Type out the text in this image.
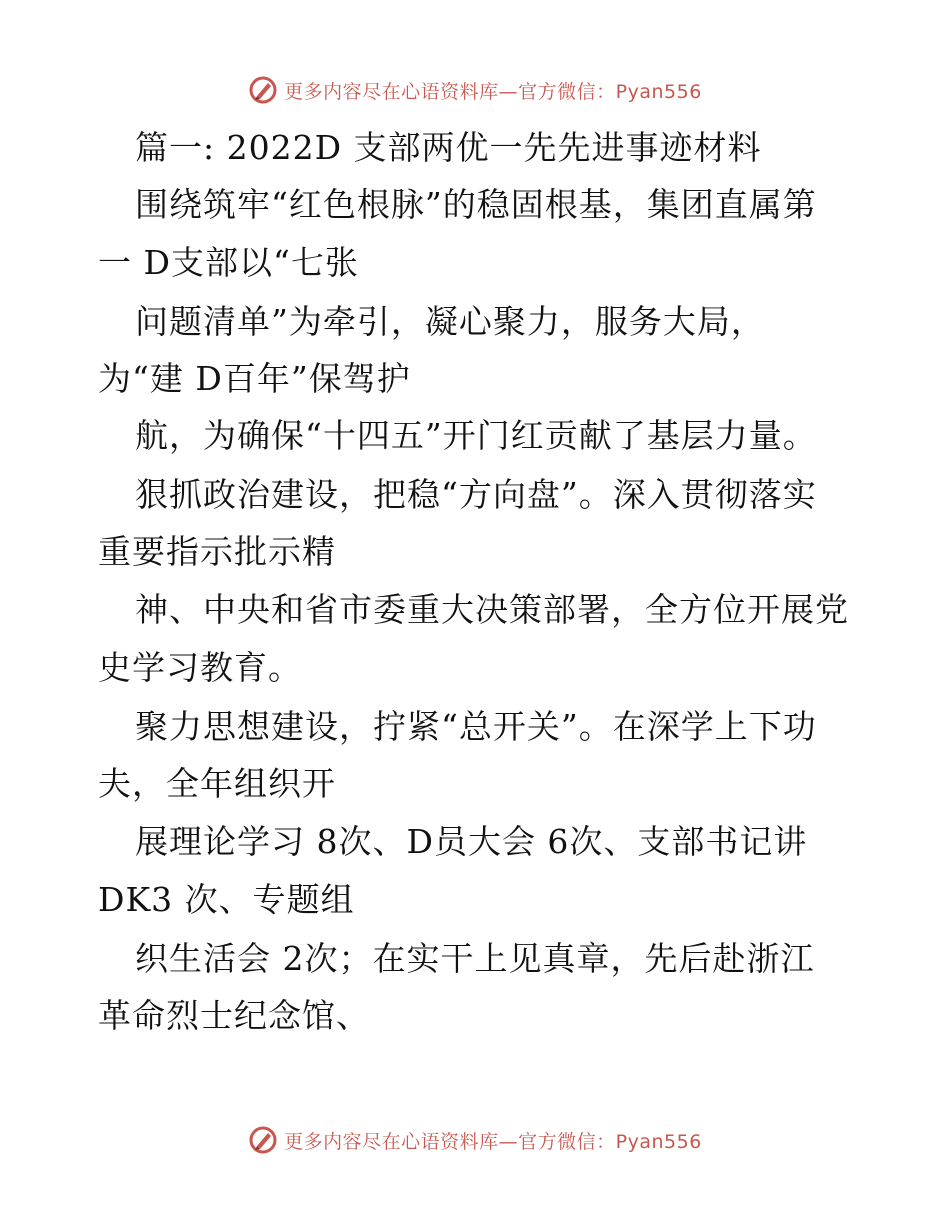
更多内容尽在心语资料库—官方微信：Pyan556
篇一: 2022D 支部两优一先先进事迹材料
围绕筑牢“红色根脉”的稳固根基，集团直属第
一 D支部以“七张
问题清单”为牵引，凝心聚力，服务大局，
为“建 D百年”保驾护
航，为确保“十四五”开门红贡献了基层力量。
狠抓政治建设，把稳“方向盘”。深入贯彻落实
重要指示批示精
神、中央和省市委重大决策部署，全方位开展党
史学习教育。
聚力思想建设，拧紧“总开关”。在深学上下功
夫，全年组织开
展理论学习 8次、D员大会 6次、支部书记讲
DK3 次、专题组
织生活会 2次；在实干上见真章，先后赴浙江
革命烈士纪念馆、
更多内容尽在心语资料库—官方微信：Pyan556
